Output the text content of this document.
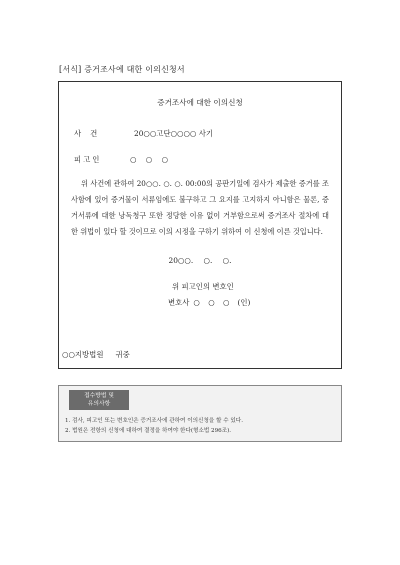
[서식] 증거조사에 대한 이의신청서
증거조사에 대한 이의신청
사건	20○○고단○○○○ 사기
피고인	○ ○ ○
위 사건에 관하여 20○○. ○. ○. 00:00의 공판기일에 검사가 제출한 증거를 조사함에 있어 증거물이 서류임에도 불구하고 그 요지를 고지하지 아니함은 물론, 증거서류에 대한 낭독청구 또한 정당한 이유 없이 거부함으로써 증거조사 절차에 대한 위법이 있다 할 것이므로 이의 시정을 구하기 위하여 이 신청에 이른 것입니다.
20○○. ○. ○.
위 피고인의 변호인
변호사 ○ ○ ○ (인)
○○지방법원 귀중
접수방법 및
유의사항
1. 검사, 피고인 또는 변호인은 증거조사에 관하여 이의신청을 할 수 있다.
2. 법원은 전항의 신청에 대하여 결정을 하여야 한다(형소법 296조).
